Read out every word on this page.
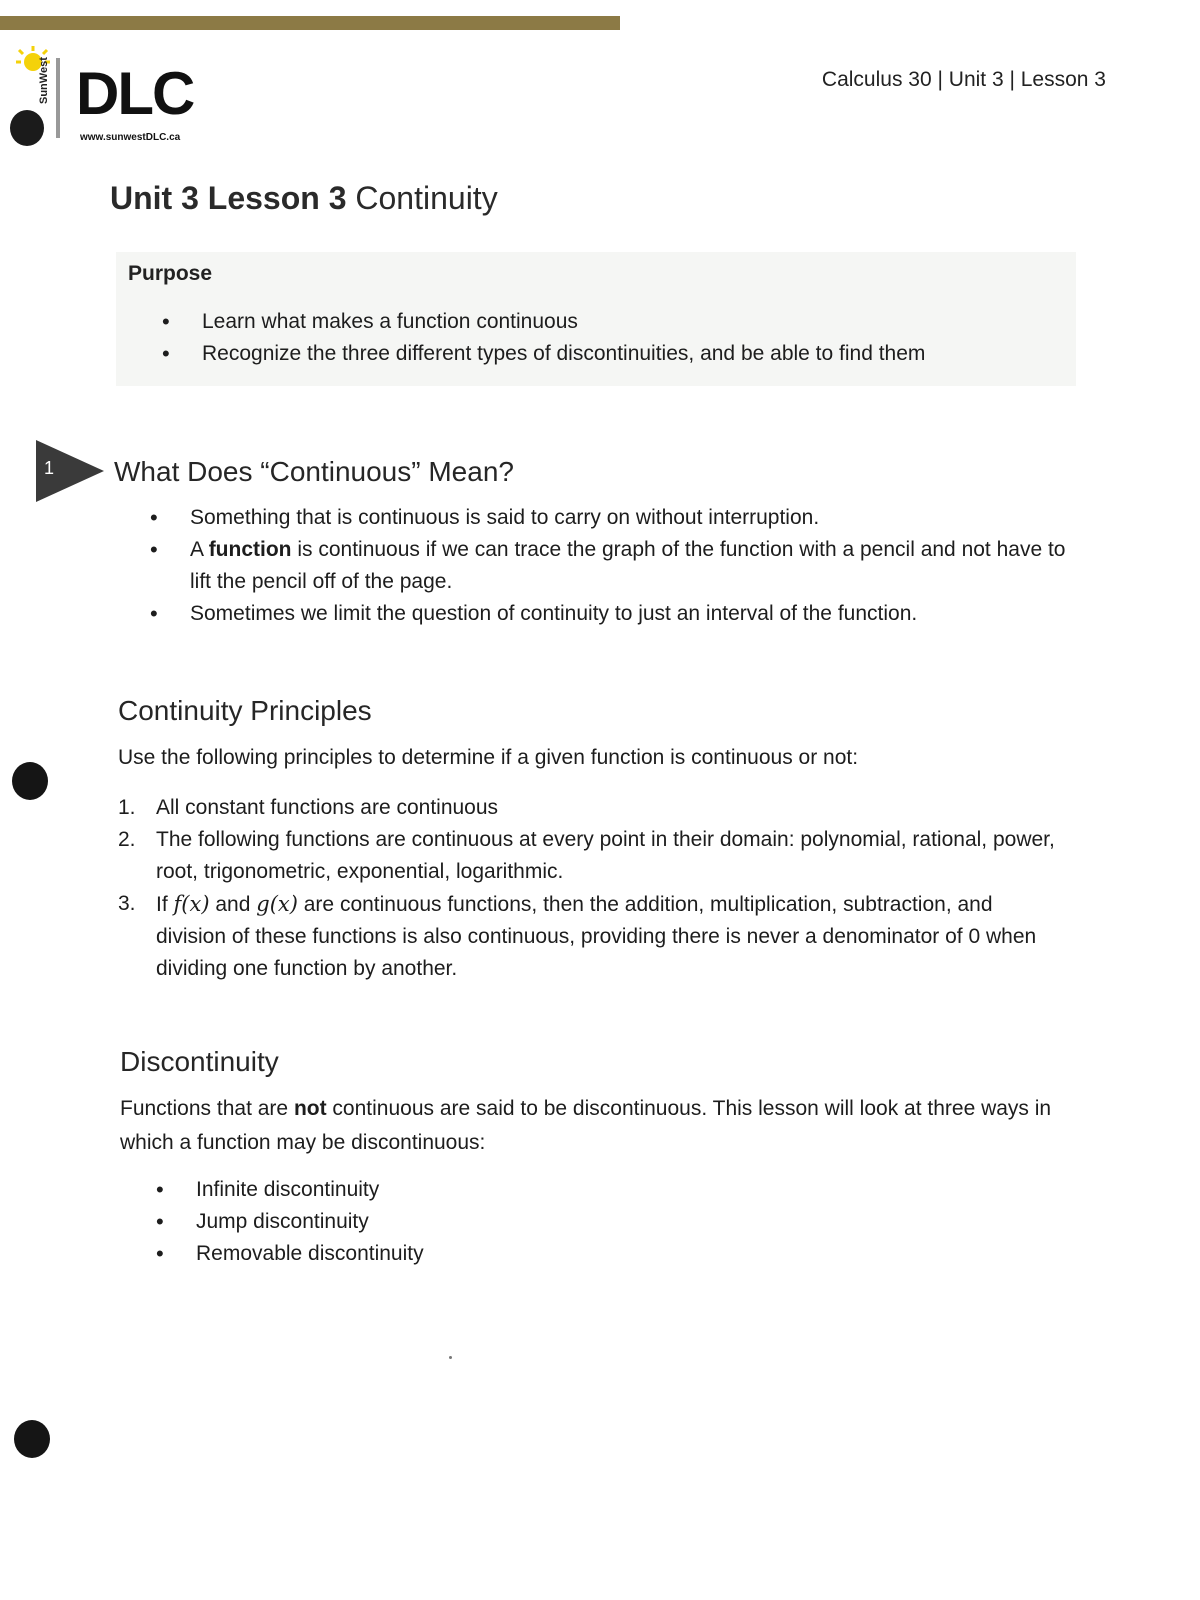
SunWest DLC
www.sunwestDLC.ca
Calculus 30 | Unit 3 | Lesson 3
Unit 3 Lesson 3 Continuity
Purpose
• Learn what makes a function continuous
• Recognize the three different types of discontinuities, and be able to find them
1 What Does “Continuous” Mean?
• Something that is continuous is said to carry on without interruption.
• A function is continuous if we can trace the graph of the function with a pencil and not have to lift the pencil off of the page.
• Sometimes we limit the question of continuity to just an interval of the function.
Continuity Principles
Use the following principles to determine if a given function is continuous or not:
1. All constant functions are continuous
2. The following functions are continuous at every point in their domain: polynomial, rational, power, root, trigonometric, exponential, logarithmic.
3. If f(x) and g(x) are continuous functions, then the addition, multiplication, subtraction, and division of these functions is also continuous, providing there is never a denominator of 0 when dividing one function by another.
Discontinuity
Functions that are not continuous are said to be discontinuous. This lesson will look at three ways in which a function may be discontinuous:
• Infinite discontinuity
• Jump discontinuity
• Removable discontinuity
